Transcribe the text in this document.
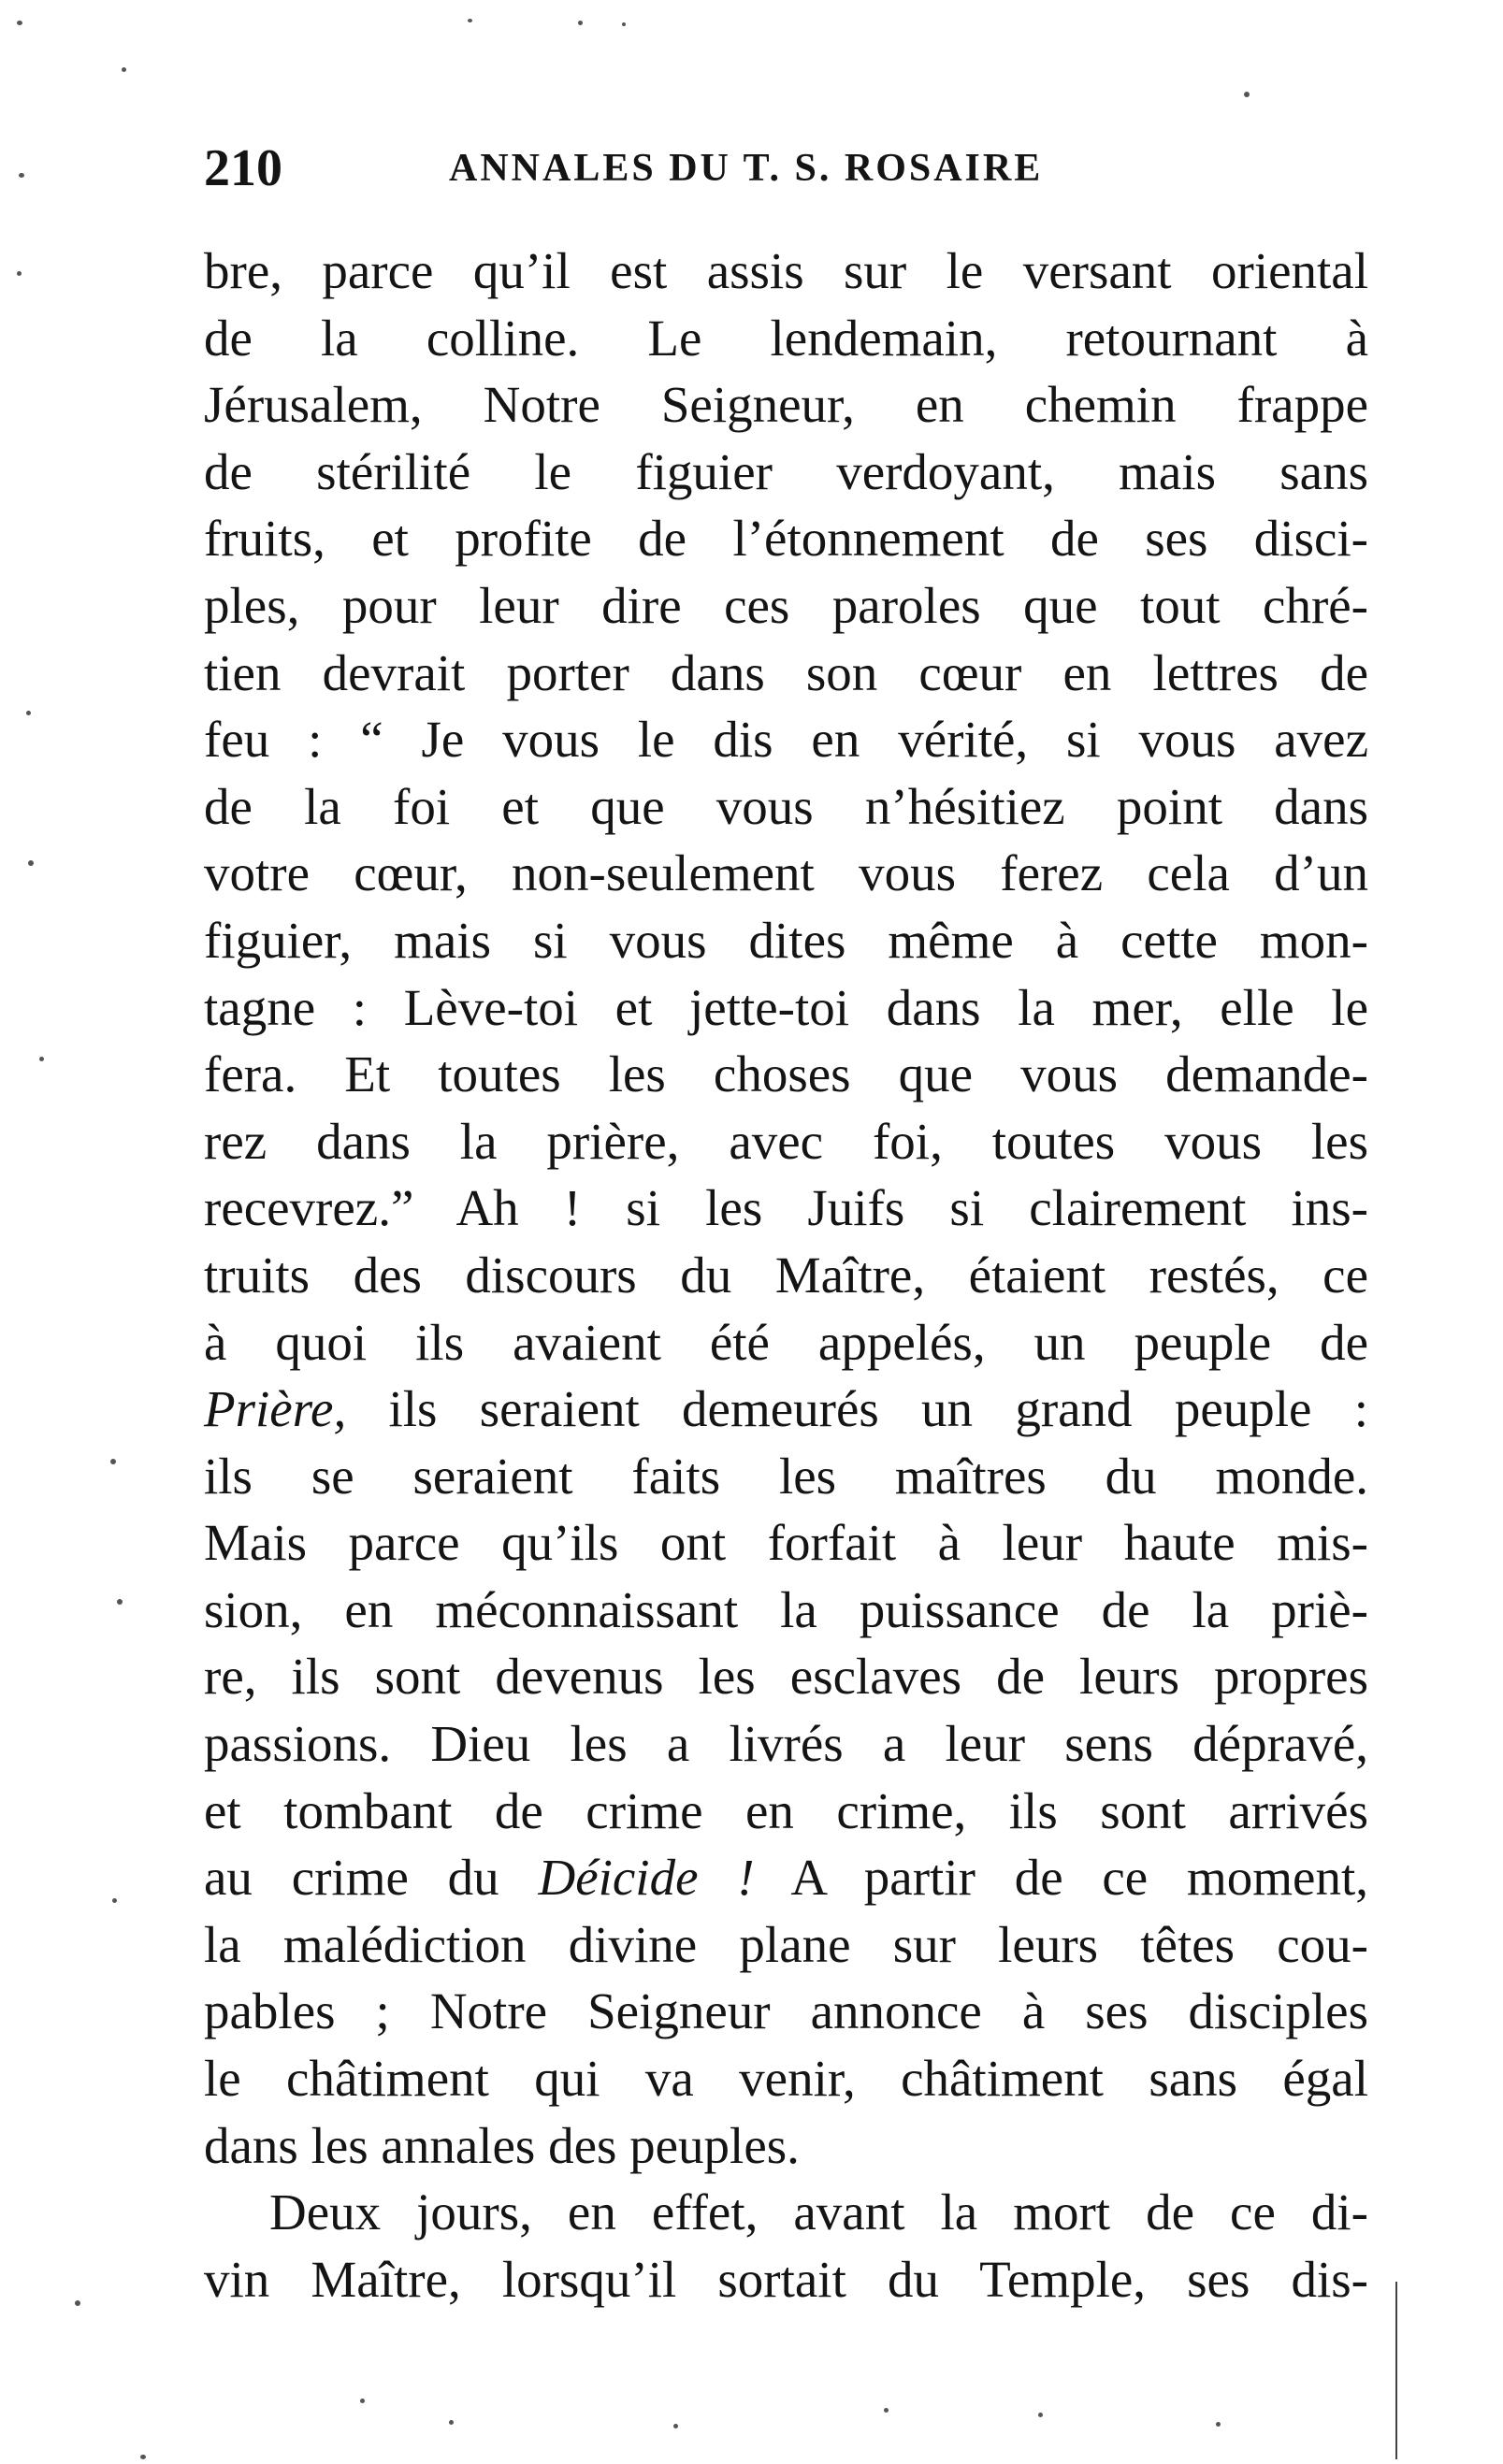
210	ANNALES DU T. S. ROSAIRE
bre, parce qu’il est assis sur le versant oriental
de la colline. Le lendemain, retournant à
Jérusalem, Notre Seigneur, en chemin frappe
de stérilité le figuier verdoyant, mais sans
fruits, et profite de l’étonnement de ses disci-
ples, pour leur dire ces paroles que tout chré-
tien devrait porter dans son cœur en lettres de
feu : “ Je vous le dis en vérité, si vous avez
de la foi et que vous n’hésitiez point dans
votre cœur, non-seulement vous ferez cela d’un
figuier, mais si vous dites même à cette mon-
tagne : Lève-toi et jette-toi dans la mer, elle le
fera. Et toutes les choses que vous demande-
rez dans la prière, avec foi, toutes vous les
recevrez.” Ah ! si les Juifs si clairement ins-
truits des discours du Maître, étaient restés, ce
à quoi ils avaient été appelés, un peuple de
Prière, ils seraient demeurés un grand peuple :
ils se seraient faits les maîtres du monde.
Mais parce qu’ils ont forfait à leur haute mis-
sion, en méconnaissant la puissance de la priè-
re, ils sont devenus les esclaves de leurs propres
passions. Dieu les a livrés a leur sens dépravé,
et tombant de crime en crime, ils sont arrivés
au crime du Déicide ! A partir de ce moment,
la malédiction divine plane sur leurs têtes cou-
pables ; Notre Seigneur annonce à ses disciples
le châtiment qui va venir, châtiment sans égal
dans les annales des peuples.
Deux jours, en effet, avant la mort de ce di-
vin Maître, lorsqu’il sortait du Temple, ses dis-
